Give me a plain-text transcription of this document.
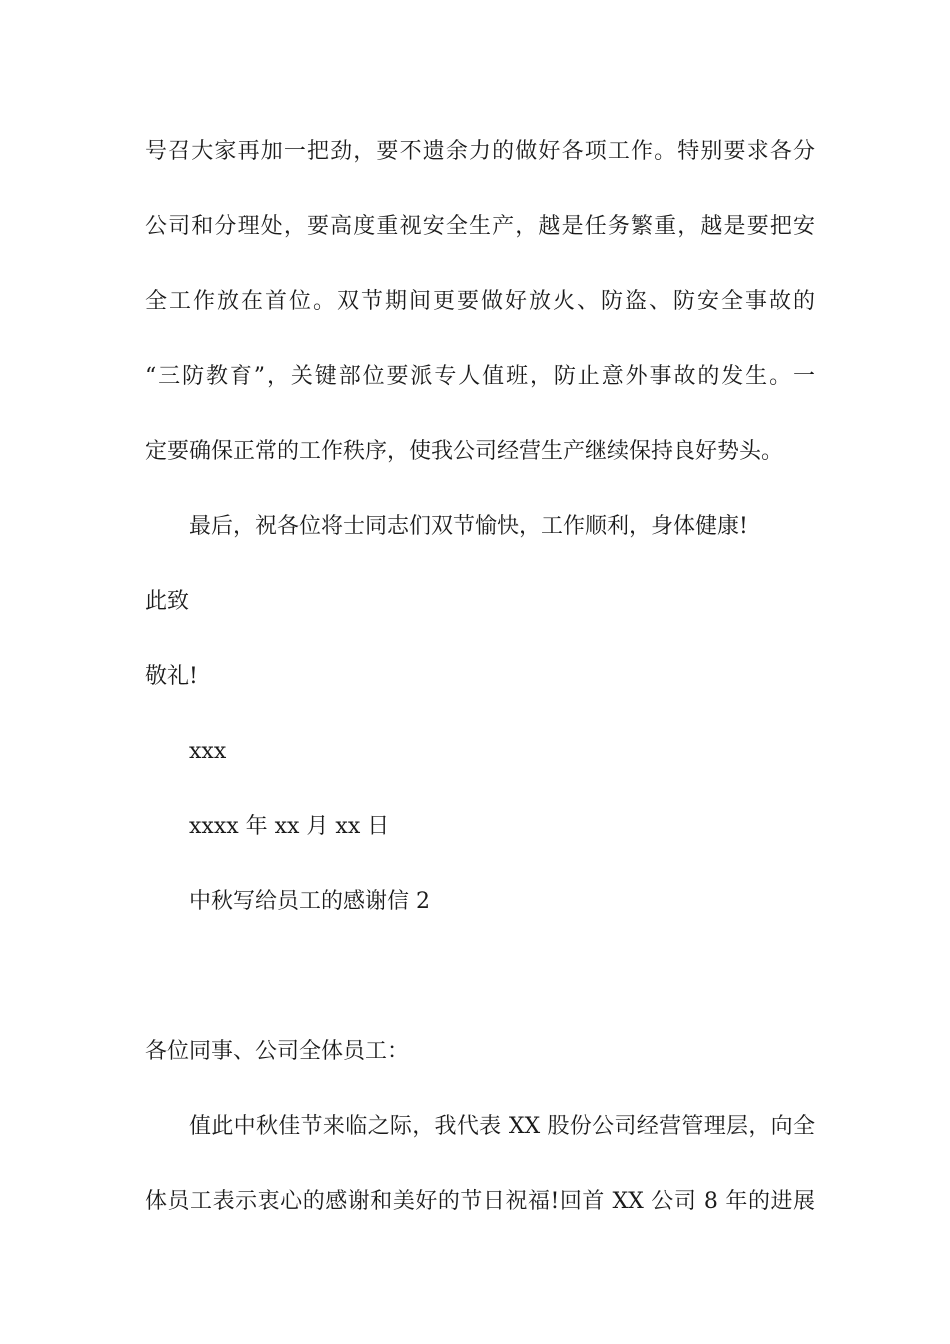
号召大家再加一把劲，要不遗余力的做好各项工作。特别要求各分
公司和分理处，要高度重视安全生产，越是任务繁重，越是要把安
全工作放在首位。双节期间更要做好放火、防盗、防安全事故的
“三防教育”，关键部位要派专人值班，防止意外事故的发生。一
定要确保正常的工作秩序，使我公司经营生产继续保持良好势头。
最后，祝各位将士同志们双节愉快，工作顺利，身体健康!
此致
敬礼!
xxx
xxxx 年 xx 月 xx 日
中秋写给员工的感谢信 2
各位同事、公司全体员工：
值此中秋佳节来临之际，我代表 XX 股份公司经营管理层，向全
体员工表示衷心的感谢和美好的节日祝福!回首 XX 公司 8 年的进展
